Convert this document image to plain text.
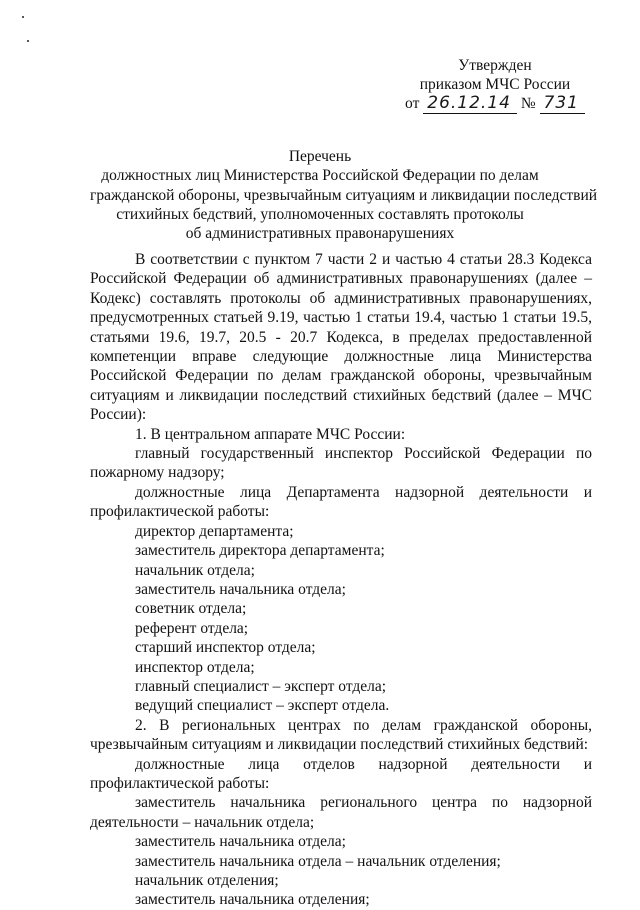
Утвержден
приказом МЧС России
от 26.12.14 № 731
Перечень
должностных лиц Министерства Российской Федерации по делам
гражданской обороны, чрезвычайным ситуациям и ликвидации последствий
стихийных бедствий, уполномоченных составлять протоколы
об административных правонарушениях

В соответствии с пунктом 7 части 2 и частью 4 статьи 28.3 Кодекса Российской Федерации об административных правонарушениях (далее – Кодекс) составлять протоколы об административных правонарушениях, предусмотренных статьей 9.19, частью 1 статьи 19.4, частью 1 статьи 19.5, статьями 19.6, 19.7, 20.5 - 20.7 Кодекса, в пределах предоставленной компетенции вправе следующие должностные лица Министерства Российской Федерации по делам гражданской обороны, чрезвычайным ситуациям и ликвидации последствий стихийных бедствий (далее – МЧС России):

1. В центральном аппарате МЧС России:

главный государственный инспектор Российской Федерации по пожарному надзору;

должностные лица Департамента надзорной деятельности и профилактической работы:

директор департамента;

заместитель директора департамента;

начальник отдела;

заместитель начальника отдела;

советник отдела;

референт отдела;

старший инспектор отдела;

инспектор отдела;

главный специалист – эксперт отдела;

ведущий специалист – эксперт отдела.

2. В региональных центрах по делам гражданской обороны, чрезвычайным ситуациям и ликвидации последствий стихийных бедствий:

должностные лица отделов надзорной деятельности и профилактической работы:

заместитель начальника регионального центра по надзорной деятельности – начальник отдела;

заместитель начальника отдела;

заместитель начальника отдела – начальник отделения;

начальник отделения;

заместитель начальника отделения;
